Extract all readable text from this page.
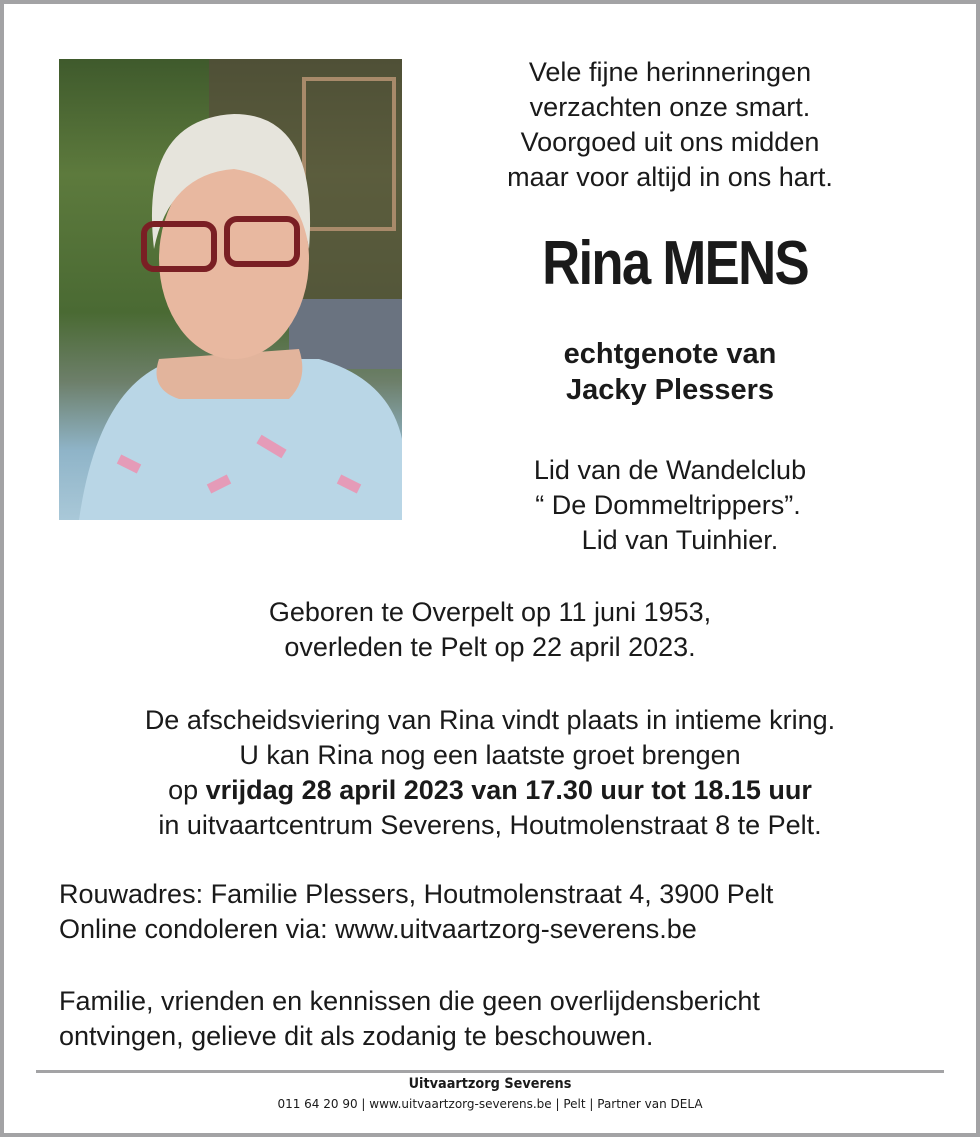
Vele fijne herinneringen
verzachten onze smart.
Voorgoed uit ons midden
maar voor altijd in ons hart.
Rina MENS
echtgenote van
Jacky Plessers
Lid van de Wandelclub
“ De Dommeltrippers”.
Lid van Tuinhier.
Geboren te Overpelt op 11 juni 1953,
overleden te Pelt op 22 april 2023.
De afscheidsviering van Rina vindt plaats in intieme kring.
U kan Rina nog een laatste groet brengen
op vrijdag 28 april 2023 van 17.30 uur tot 18.15 uur
in uitvaartcentrum Severens, Houtmolenstraat 8 te Pelt.
Rouwadres: Familie Plessers, Houtmolenstraat 4, 3900 Pelt
Online condoleren via: www.uitvaartzorg-severens.be
Familie, vrienden en kennissen die geen overlijdensbericht
ontvingen, gelieve dit als zodanig te beschouwen.
Uitvaartzorg Severens
011 64 20 90 | www.uitvaartzorg-severens.be | Pelt | Partner van DELA
